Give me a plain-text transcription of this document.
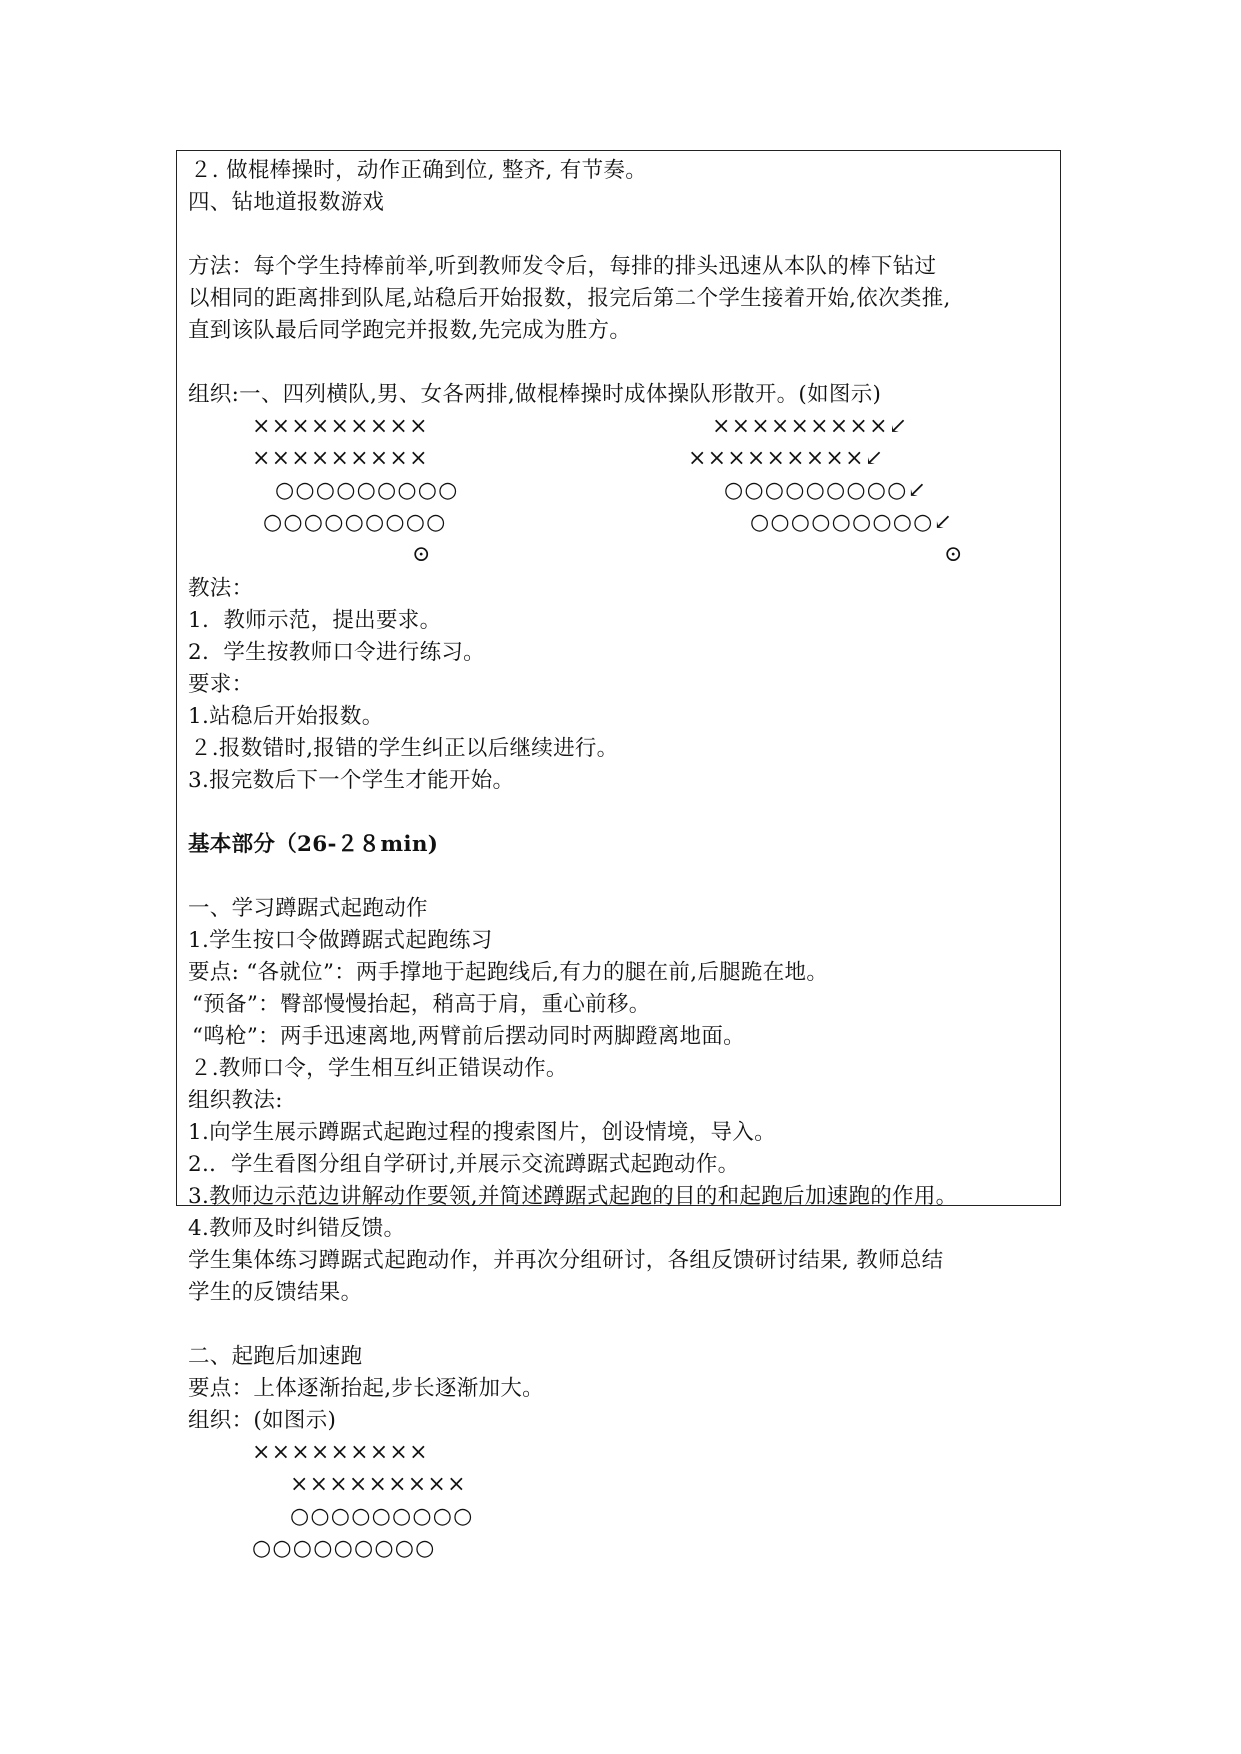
２. 做棍棒操时，动作正确到位, 整齐, 有节奏。
四、钻地道报数游戏
方法：每个学生持棒前举,听到教师发令后，每排的排头迅速从本队的棒下钻过
以相同的距离排到队尾,站稳后开始报数，报完后第二个学生接着开始,依次类推,
直到该队最后同学跑完并报数,先完成为胜方。
组织:一、四列横队,男、女各两排,做棍棒操时成体操队形散开。(如图示)
×××××××××
×××××××××
○○○○○○○○○
○○○○○○○○○
⊙
×××××××××↙
×××××××××↙
○○○○○○○○○↙
○○○○○○○○○↙
⊙
教法：
1.  教师示范，提出要求。
2.  学生按教师口令进行练习。
要求：
1.站稳后开始报数。
２.报数错时,报错的学生纠正以后继续进行。
3.报完数后下一个学生才能开始。
基本部分（26-２８min)
一、学习蹲踞式起跑动作
1.学生按口令做蹲踞式起跑练习
要点: “各就位”：两手撑地于起跑线后,有力的腿在前,后腿跪在地。
“预备”：臀部慢慢抬起，稍高于肩，重心前移。
“鸣枪”：两手迅速离地,两臂前后摆动同时两脚蹬离地面。
２.教师口令，学生相互纠正错误动作。
组织教法:
1.向学生展示蹲踞式起跑过程的搜索图片，创设情境，导入。
2.．学生看图分组自学研讨,并展示交流蹲踞式起跑动作。
3.教师边示范边讲解动作要领,并简述蹲踞式起跑的目的和起跑后加速跑的作用。
4.教师及时纠错反馈。
学生集体练习蹲踞式起跑动作，并再次分组研讨，各组反馈研讨结果, 教师总结
学生的反馈结果。
二、起跑后加速跑
要点：上体逐渐抬起,步长逐渐加大。
组织：(如图示)
×××××××××
×××××××××
○○○○○○○○○
○○○○○○○○○
